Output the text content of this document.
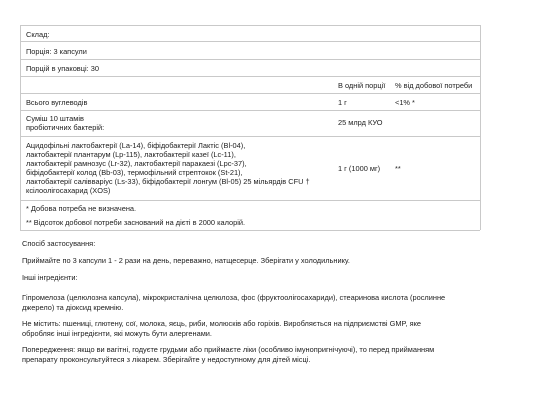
Склад:
Порція: 3 капсули
Порцій в упаковці: 30
В одній порції % від добової потреби
Всього вуглеводів	1 г	<1% *
Суміш 10 штамів
пробіотичних бактерій:
25 млрд КУО
Ацидофільні лактобактерії (La-14), біфідобактерії Лактіс (Bl-04),
лактобактерії плантарум (Lp-115), лактобактерії казеї (Lc-11),
лактобактерії рамнозус (Lr-32), лактобактерії паракаезі (Lpc-37),
біфідобактерії колод (Bb-03), термофільний стрептокок (St-21),
лактобактерії салівваріус (Ls-33), біфідобактерії лонгум (Bl-05) 25 мільярдів CFU †
ксілоолігосахарид (XOS)
1 г (1000 мг) **
* Добова потреба не визначена.
** Відсоток добової потреби заснований на дієті в 2000 калорій.
Спосіб застосування:
Приймайте по 3 капсули 1 - 2 рази на день, переважно, натщесерце. Зберігати у холодильнику.
Інші інгредієнти:
Гіпромелоза (целюлозна капсула), мікрокристалічна целюлоза, фос (фруктоолігосахариди), стеаринова кислота (рослинне
джерело) та діоксид кремнію.
Не містить: пшениці, глютену, сої, молока, яєць, риби, молюсків або горіхів. Виробляється на підприємстві GMP, яке
обробляє інші інгредієнти, які можуть бути алергенами.
Попередження: якщо ви вагітні, годуєте грудьми або приймаєте ліки (особливо імунопригнічуючі), то перед прийманням
препарату проконсультуйтеся з лікарем. Зберігайте у недоступному для дітей місці.
